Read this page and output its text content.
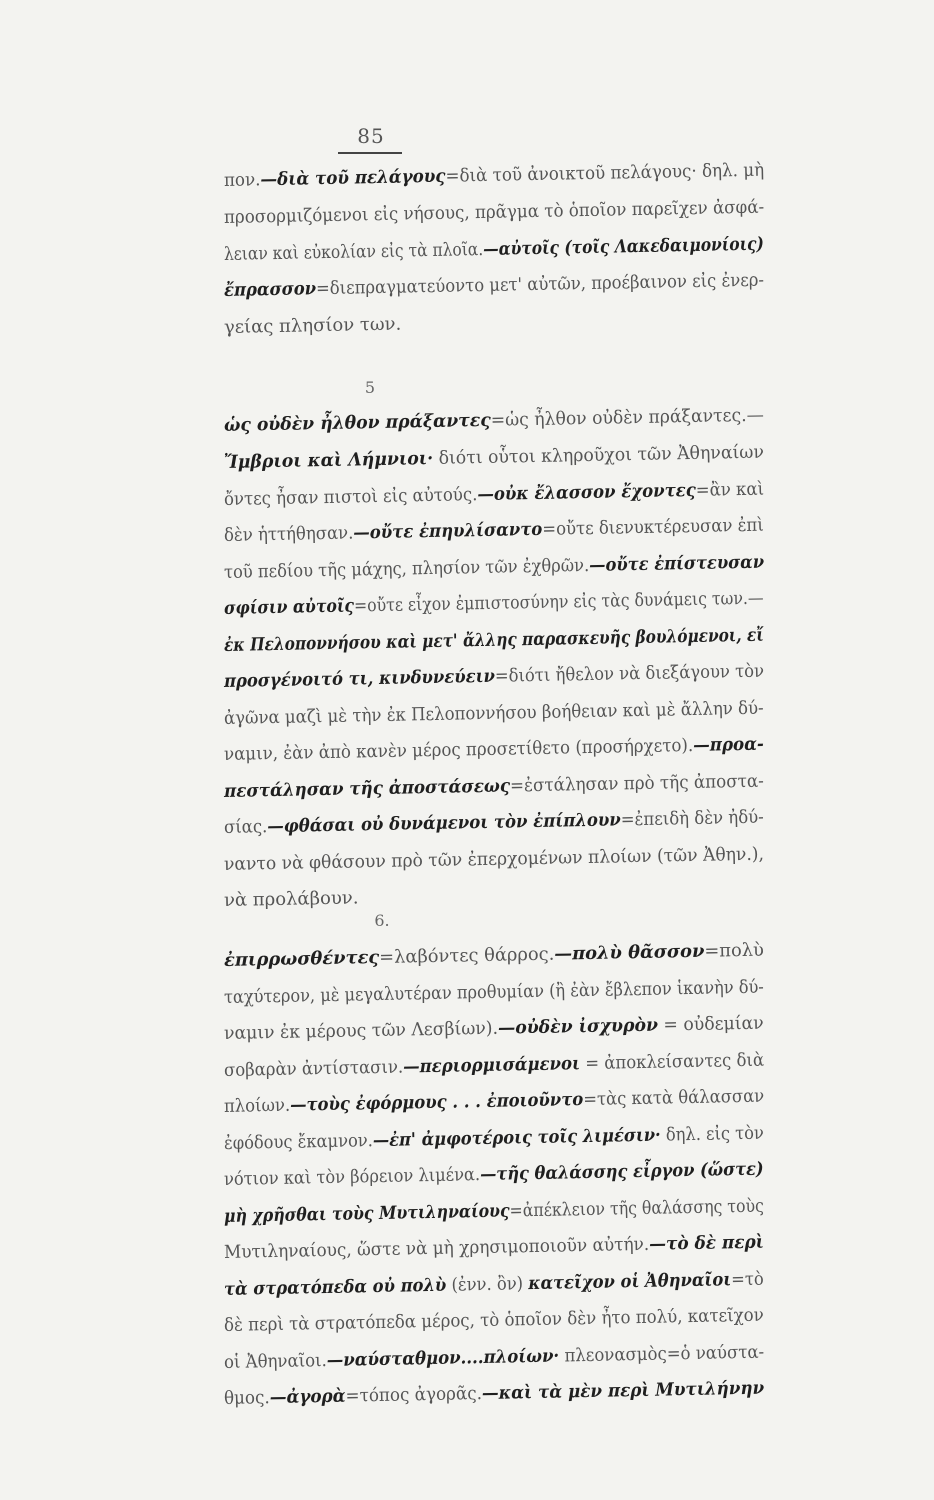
85
5
6.
πον.—διὰ τοῦ πελάγους=διὰ τοῦ ἀνοικτοῦ πελάγους· δηλ. μὴ
προσορμιζόμενοι εἰς νήσους, πρᾶγμα τὸ ὁποῖον παρεῖχεν ἀσφά-
λειαν καὶ εὐκολίαν εἰς τὰ πλοῖα.—αὐτοῖς (τοῖς Λακεδαιμονίοις)
ἔπρασσον=διεπραγματεύοντο μετ' αὐτῶν, προέβαινον εἰς ἐνερ-
γείας πλησίον των.
ὡς οὐδὲν ἦλθον πράξαντες=ὡς ἦλθον οὐδὲν πράξαντες.—
Ἴμβριοι καὶ Λήμνιοι· διότι οὗτοι κληροῦχοι τῶν Ἀθηναίων
ὄντες ἦσαν πιστοὶ εἰς αὐτούς.—οὐκ ἔλασσον ἔχοντες=ἂν καὶ
δὲν ἡττήθησαν.—οὔτε ἐπηυλίσαντο=οὔτε διενυκτέρευσαν ἐπὶ
τοῦ πεδίου τῆς μάχης, πλησίον τῶν ἐχθρῶν.—οὔτε ἐπίστευσαν
σφίσιν αὐτοῖς=οὔτε εἶχον ἐμπιστοσύνην εἰς τὰς δυνάμεις των.—
ἐκ Πελοποννήσου καὶ μετ' ἄλλης παρασκευῆς βουλόμενοι, εἴ
προσγένοιτό τι, κινδυνεύειν=διότι ἤθελον νὰ διεξάγουν τὸν
ἀγῶνα μαζὶ μὲ τὴν ἐκ Πελοποννήσου βοήθειαν καὶ μὲ ἄλλην δύ-
ναμιν, ἐὰν ἀπὸ κανὲν μέρος προσετίθετο (προσήρχετο).—προα-
πεστάλησαν τῆς ἀποστάσεως=ἐστάλησαν πρὸ τῆς ἀποστα-
σίας.—φθάσαι οὐ δυνάμενοι τὸν ἐπίπλουν=ἐπειδὴ δὲν ἠδύ-
ναντο νὰ φθάσουν πρὸ τῶν ἐπερχομένων πλοίων (τῶν Ἀθην.),
νὰ προλάβουν.
ἐπιρρωσθέντες=λαβόντες θάρρος.—πολὺ θᾶσσον=πολὺ
ταχύτερον, μὲ μεγαλυτέραν προθυμίαν (ἢ ἐὰν ἔβλεπον ἱκανὴν δύ-
ναμιν ἐκ μέρους τῶν Λεσβίων).—οὐδὲν ἰσχυρὸν = οὐδεμίαν
σοβαρὰν ἀντίστασιν.—περιορμισάμενοι = ἀποκλείσαντες διὰ
πλοίων.—τοὺς ἐφόρμους . . . ἐποιοῦντο=τὰς κατὰ θάλασσαν
ἐφόδους ἔκαμνον.—ἐπ' ἀμφοτέροις τοῖς λιμέσιν· δηλ. εἰς τὸν
νότιον καὶ τὸν βόρειον λιμένα.—τῆς θαλάσσης εἶργον (ὥστε)
μὴ χρῆσθαι τοὺς Μυτιληναίους=ἀπέκλειον τῆς θαλάσσης τοὺς
Μυτιληναίους, ὥστε νὰ μὴ χρησιμοποιοῦν αὐτήν.—τὸ δὲ περὶ
τὰ στρατόπεδα οὐ πολὺ (ἐνν. ὂν) κατεῖχον οἱ Ἀθηναῖοι=τὸ
δὲ περὶ τὰ στρατόπεδα μέρος, τὸ ὁποῖον δὲν ἦτο πολύ, κατεῖχον
οἱ Ἀθηναῖοι.—ναύσταθμον....πλοίων· πλεονασμὸς=ὁ ναύστα-
θμος.—ἀγορὰ=τόπος ἀγορᾶς.—καὶ τὰ μὲν περὶ Μυτιλήνην
